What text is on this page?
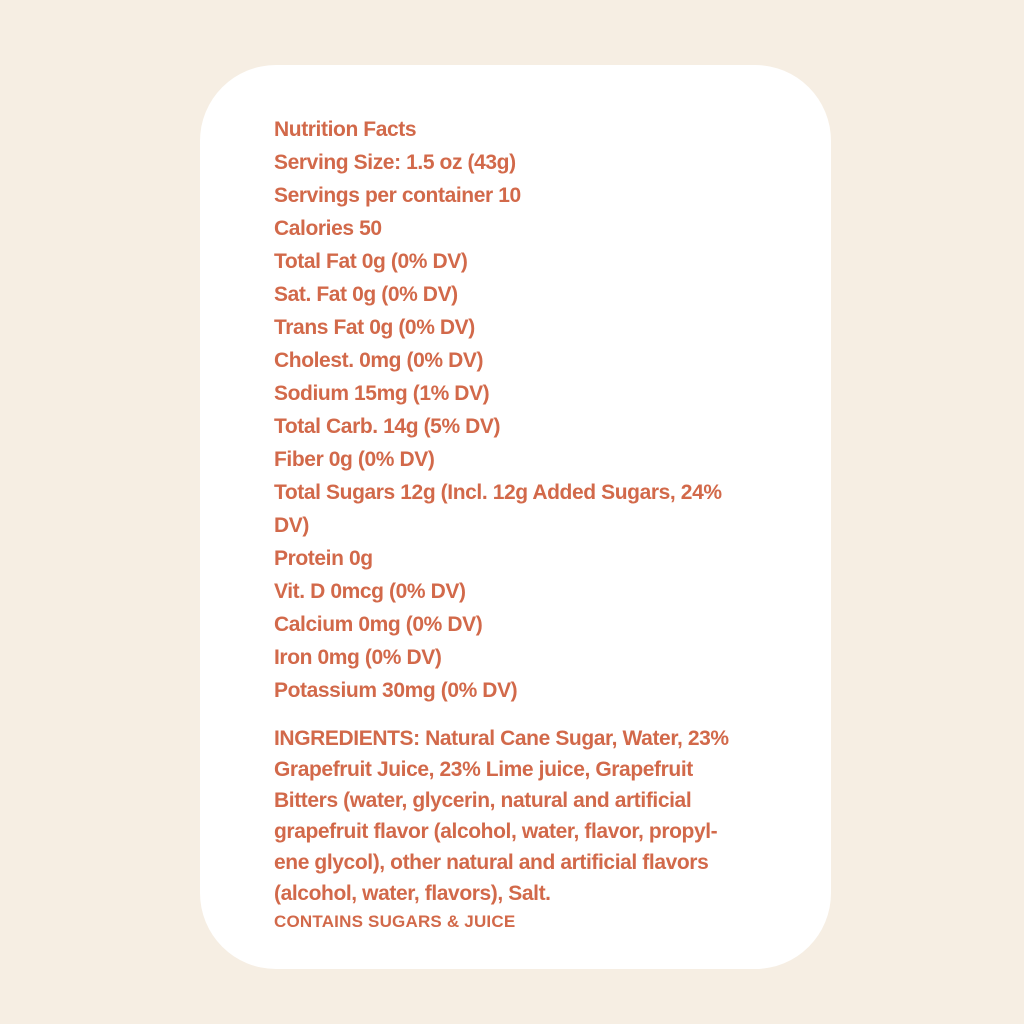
Nutrition Facts
Serving Size: 1.5 oz (43g)
Servings per container 10
Calories 50
Total Fat 0g (0% DV)
Sat. Fat 0g (0% DV)
Trans Fat 0g (0% DV)
Cholest. 0mg (0% DV)
Sodium 15mg (1% DV)
Total Carb. 14g (5% DV)
Fiber 0g (0% DV)
Total Sugars 12g (Incl. 12g Added Sugars, 24%
DV)
Protein 0g
Vit. D 0mcg (0% DV)
Calcium 0mg (0% DV)
Iron 0mg (0% DV)
Potassium 30mg (0% DV)
INGREDIENTS: Natural Cane Sugar, Water, 23%
Grapefruit Juice, 23% Lime juice, Grapefruit
Bitters (water, glycerin, natural and artificial
grapefruit flavor (alcohol, water, flavor, propyl-
ene glycol), other natural and artificial flavors
(alcohol, water, flavors), Salt.
CONTAINS SUGARS & JUICE
